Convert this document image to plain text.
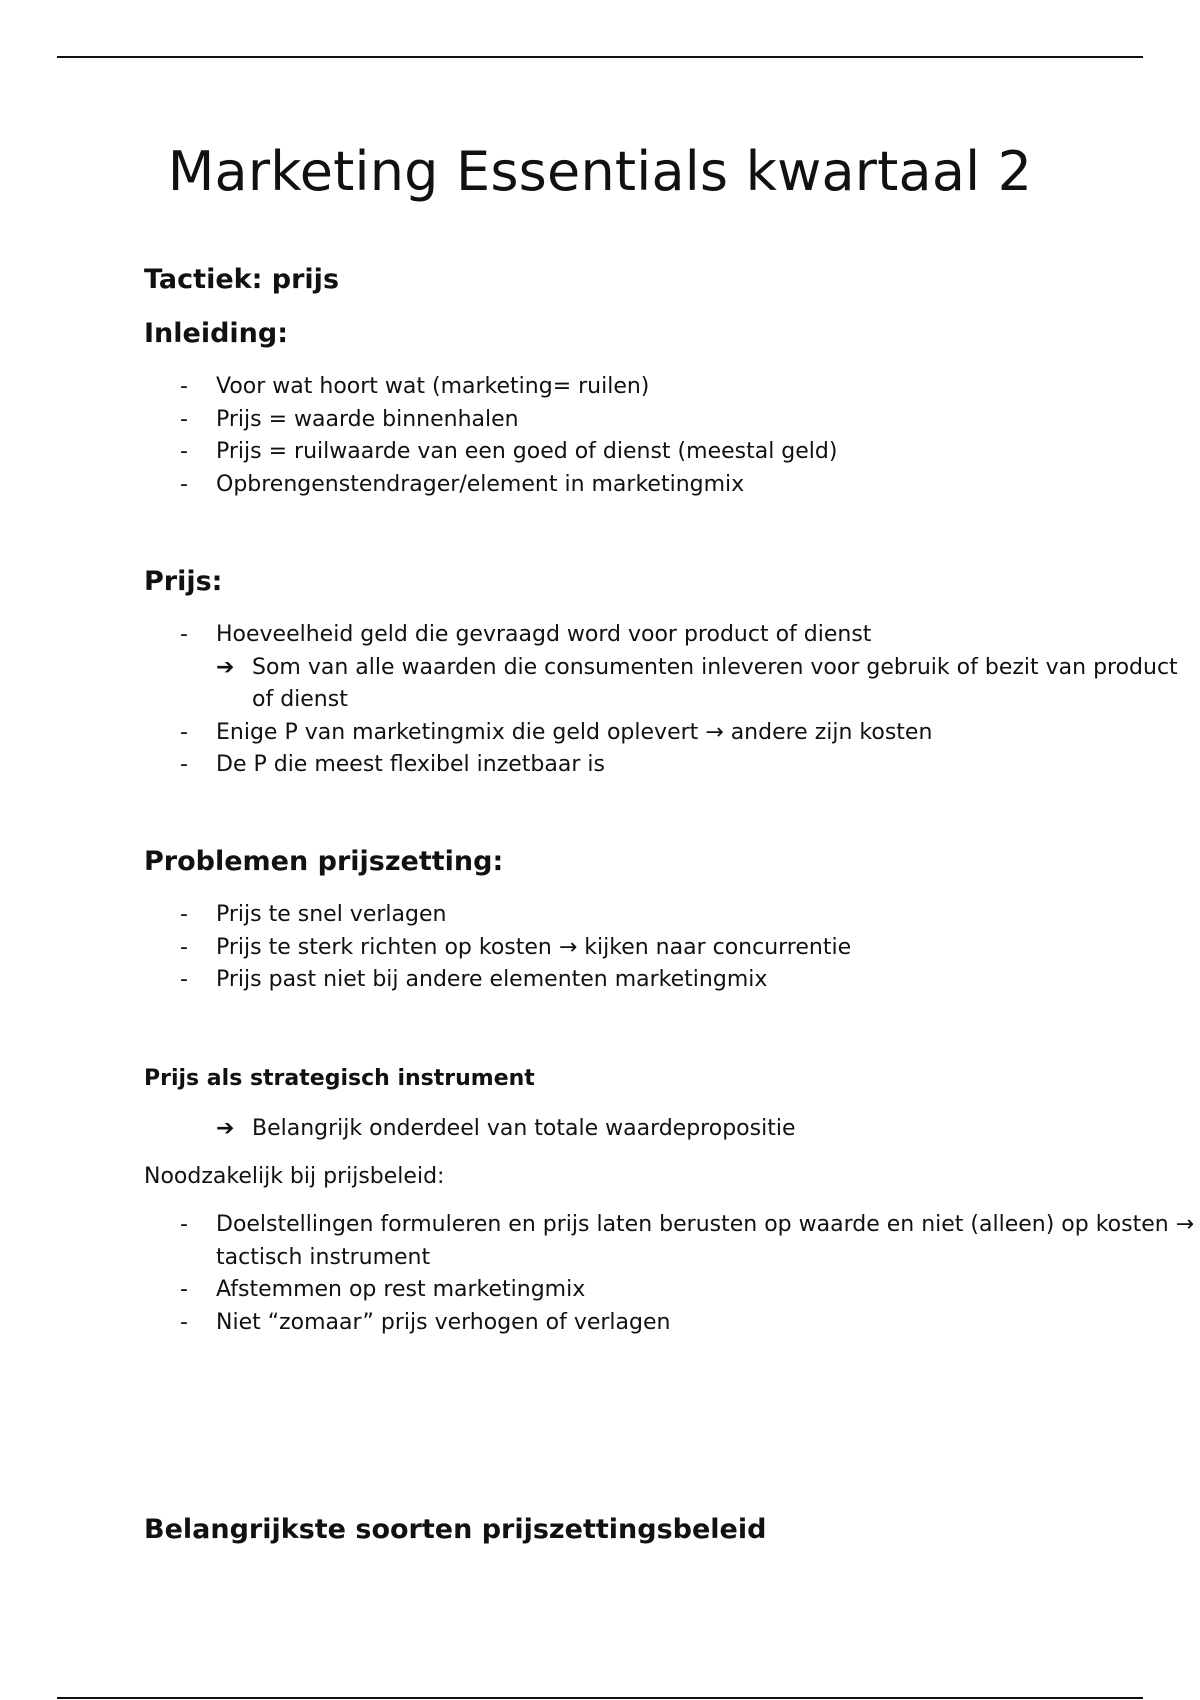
Marketing Essentials kwartaal 2
Tactiek: prijs
Inleiding:
- Voor wat hoort wat (marketing= ruilen)
- Prijs = waarde binnenhalen
- Prijs = ruilwaarde van een goed of dienst (meestal geld)
- Opbrengenstendrager/element in marketingmix
Prijs:
- Hoeveelheid geld die gevraagd word voor product of dienst
➔ Som van alle waarden die consumenten inleveren voor gebruik of bezit van product of dienst
- Enige P van marketingmix die geld oplevert → andere zijn kosten
- De P die meest flexibel inzetbaar is
Problemen prijszetting:
- Prijs te snel verlagen
- Prijs te sterk richten op kosten → kijken naar concurrentie
- Prijs past niet bij andere elementen marketingmix
Prijs als strategisch instrument
➔ Belangrijk onderdeel van totale waardepropositie

Noodzakelijk bij prijsbeleid:

- Doelstellingen formuleren en prijs laten berusten op waarde en niet (alleen) op kosten → tactisch instrument
- Afstemmen op rest marketingmix
- Niet “zomaar” prijs verhogen of verlagen
Belangrijkste soorten prijszettingsbeleid
